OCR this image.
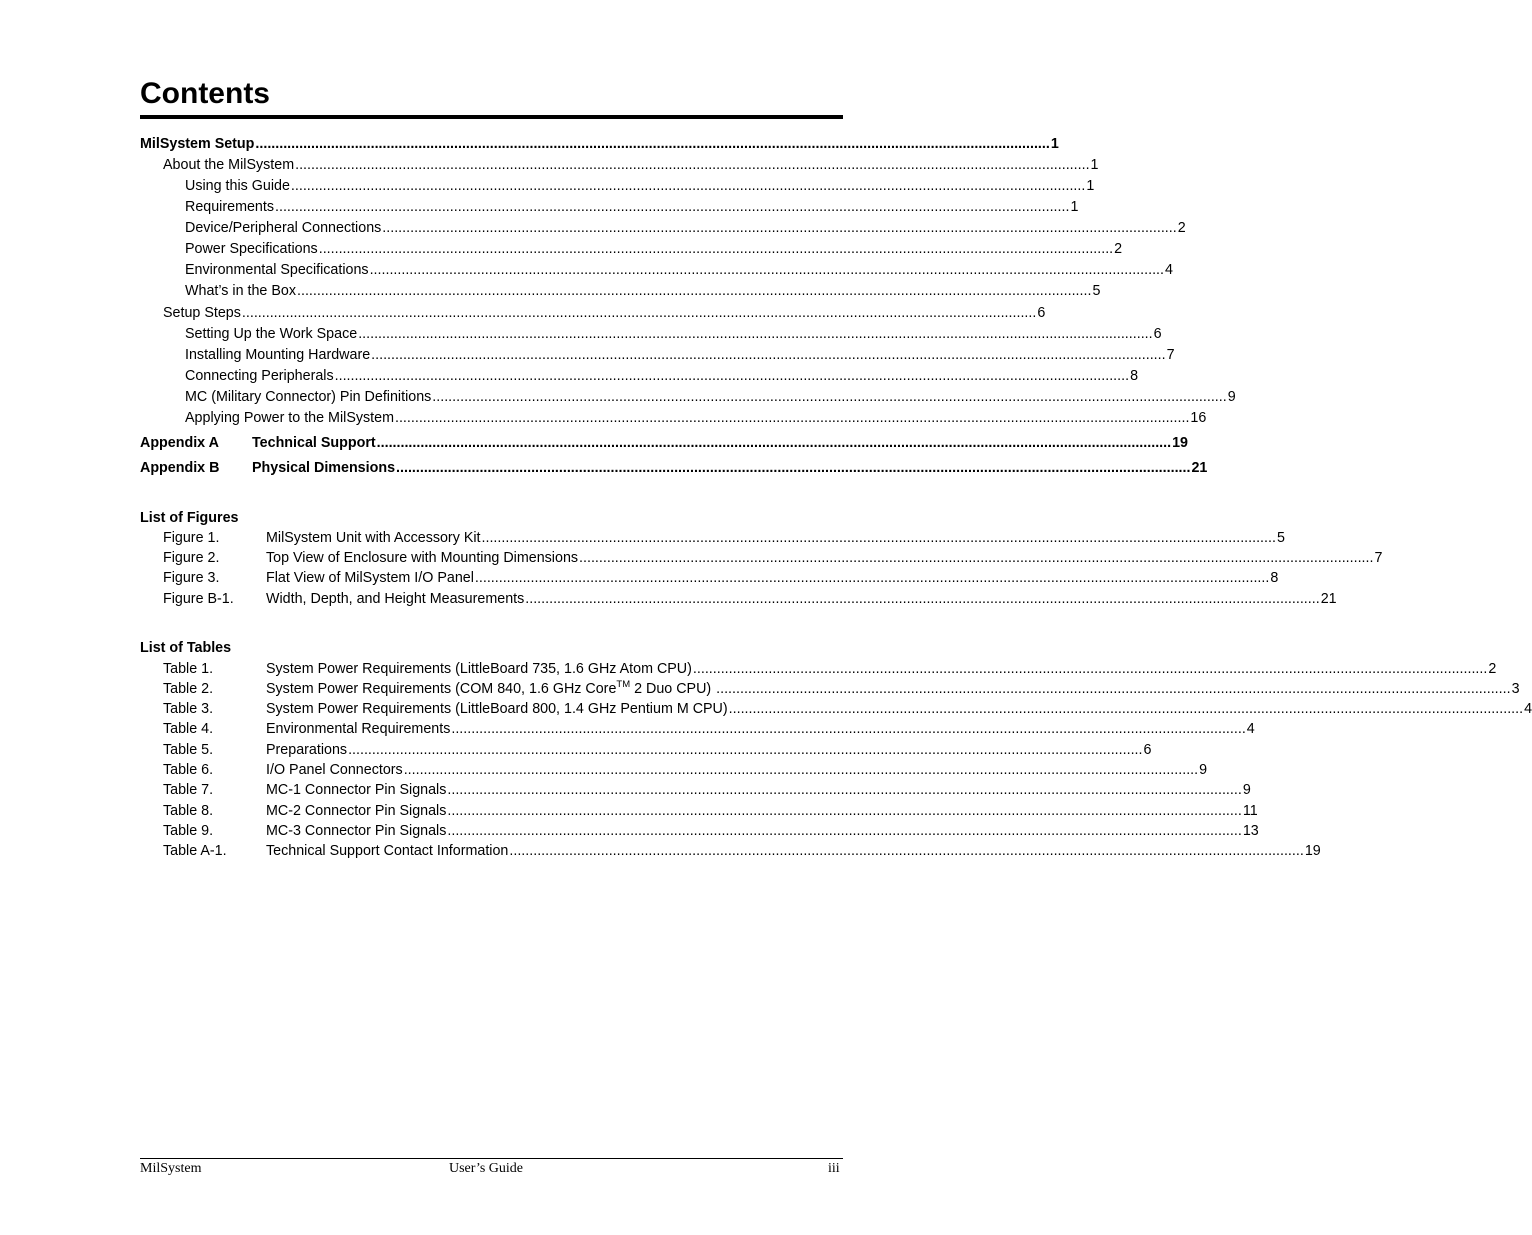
Contents
MilSystem Setup ........................................................................................................................................................................................................ 1
About the MilSystem ........................................................................................................................................................................................................ 1
Using this Guide ........................................................................................................................................................................................................ 1
Requirements ........................................................................................................................................................................................................ 1
Device/Peripheral Connections ........................................................................................................................................................................................................ 2
Power Specifications ........................................................................................................................................................................................................ 2
Environmental Specifications ........................................................................................................................................................................................................ 4
What’s in the Box ........................................................................................................................................................................................................ 5
Setup Steps ........................................................................................................................................................................................................ 6
Setting Up the Work Space ........................................................................................................................................................................................................ 6
Installing Mounting Hardware ........................................................................................................................................................................................................ 7
Connecting Peripherals ........................................................................................................................................................................................................ 8
MC (Military Connector) Pin Definitions ........................................................................................................................................................................................................ 9
Applying Power to the MilSystem ........................................................................................................................................................................................................ 16
Appendix A	Technical Support ........................................................................................................................................................................................................ 19
Appendix B	Physical Dimensions ........................................................................................................................................................................................................ 21
List of Figures
Figure 1.	MilSystem Unit with Accessory Kit ........................................................................................................................................................................................................ 5
Figure 2.	Top View of Enclosure with Mounting Dimensions ........................................................................................................................................................................................................ 7
Figure 3.	Flat View of MilSystem I/O Panel ........................................................................................................................................................................................................ 8
Figure B-1.	Width, Depth, and Height Measurements ........................................................................................................................................................................................................ 21
List of Tables
Table 1.	System Power Requirements (LittleBoard 735, 1.6 GHz Atom CPU) ........................................................................................................................................................................................................ 2
Table 2.	System Power Requirements (COM 840, 1.6 GHz Core™ 2 Duo CPU) ........................................................................................................................................................................................................ 3
Table 3.	System Power Requirements (LittleBoard 800, 1.4 GHz Pentium M CPU) ........................................................................................................................................................................................................ 4
Table 4.	Environmental Requirements ........................................................................................................................................................................................................ 4
Table 5.	Preparations ........................................................................................................................................................................................................ 6
Table 6.	I/O Panel Connectors ........................................................................................................................................................................................................ 9
Table 7.	MC-1 Connector Pin Signals ........................................................................................................................................................................................................ 9
Table 8.	MC-2 Connector Pin Signals ........................................................................................................................................................................................................ 11
Table 9.	MC-3 Connector Pin Signals ........................................................................................................................................................................................................ 13
Table A-1.	Technical Support Contact Information ........................................................................................................................................................................................................ 19
MilSystem	User’s Guide	iii
